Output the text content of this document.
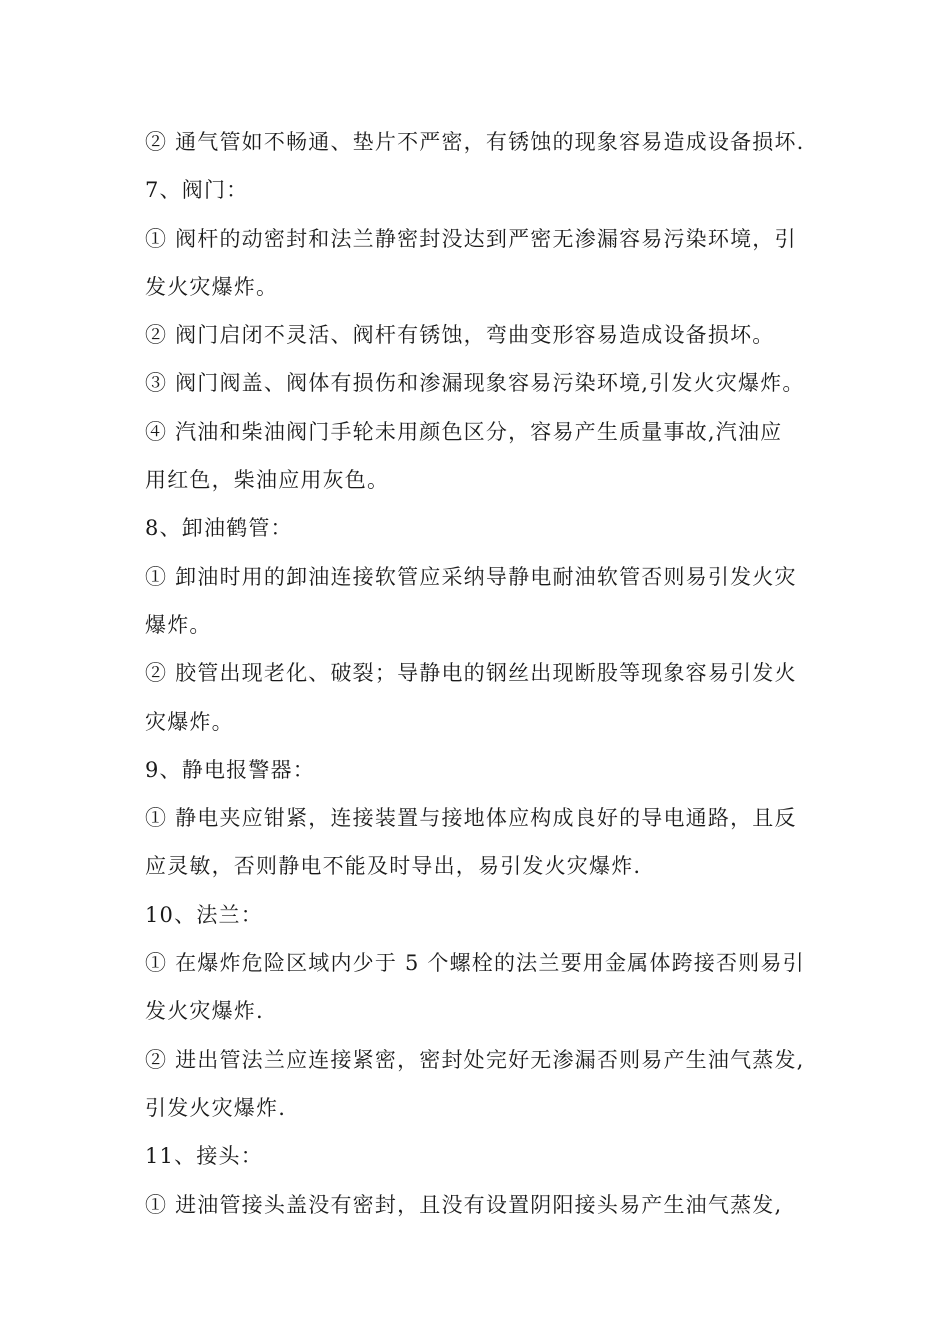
② 通气管如不畅通、垫片不严密，有锈蚀的现象容易造成设备损坏.
7、阀门：
① 阀杆的动密封和法兰静密封没达到严密无渗漏容易污染环境，引
发火灾爆炸。
② 阀门启闭不灵活、阀杆有锈蚀，弯曲变形容易造成设备损坏。
③ 阀门阀盖、阀体有损伤和渗漏现象容易污染环境,引发火灾爆炸。
④ 汽油和柴油阀门手轮未用颜色区分，容易产生质量事故,汽油应
用红色，柴油应用灰色。
8、卸油鹤管：
① 卸油时用的卸油连接软管应采纳导静电耐油软管否则易引发火灾
爆炸。
② 胶管出现老化、破裂；导静电的钢丝出现断股等现象容易引发火
灾爆炸。
9、静电报警器：
① 静电夹应钳紧，连接装置与接地体应构成良好的导电通路，且反
应灵敏，否则静电不能及时导出，易引发火灾爆炸.
10、法兰：
① 在爆炸危险区域内少于 5 个螺栓的法兰要用金属体跨接否则易引
发火灾爆炸.
② 进出管法兰应连接紧密，密封处完好无渗漏否则易产生油气蒸发,
引发火灾爆炸.
11、接头：
① 进油管接头盖没有密封，且没有设置阴阳接头易产生油气蒸发,
